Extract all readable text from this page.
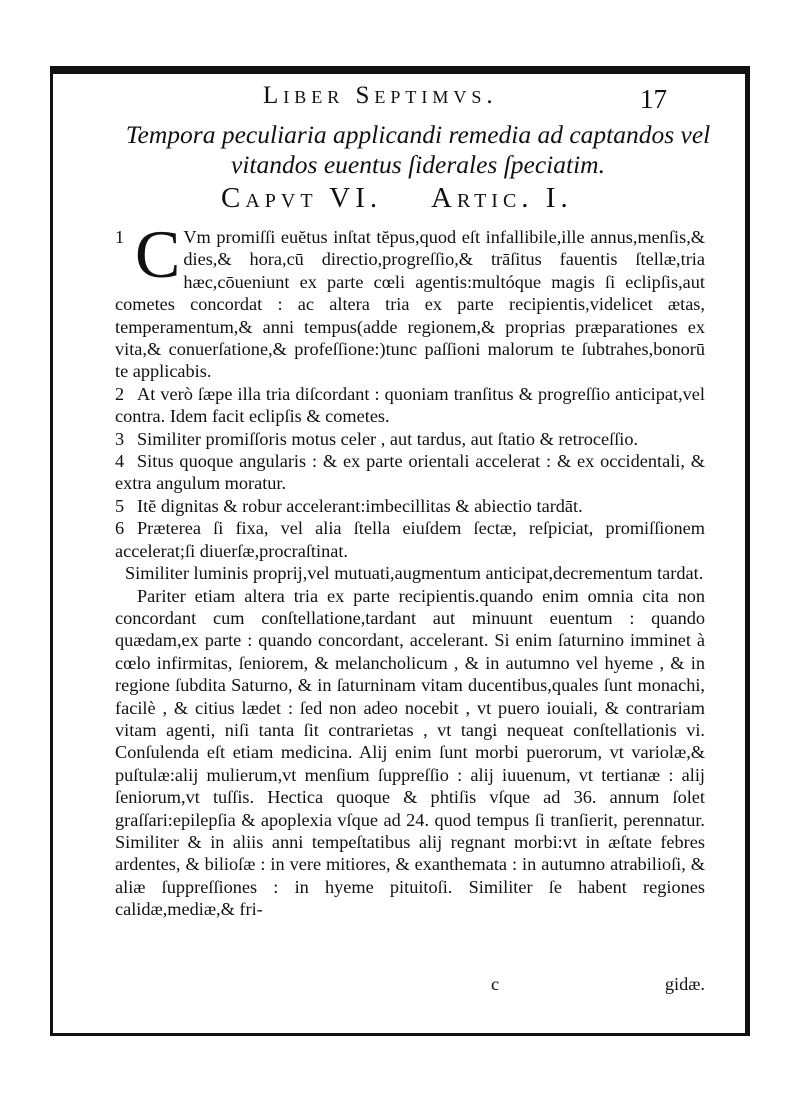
Liber Septimvs.	17
Tempora peculiaria applicandi remedia ad captandos vel vitandos euentus ſiderales ſpeciatim.
Capvt VI. Artic. I.

1 C Vm promiſſi euĕtus inſtat tĕpus,quod eſt infallibile,ille annus,menſis,& dies,& hora,cū directio,progreſſio,& trāſitus fauentis ſtellæ,tria hæc,cōueniunt ex parte cœli agentis:multóque magis ſi eclipſis,aut cometes concordat : ac altera tria ex parte recipientis,videlicet ætas, temperamentum,& anni tempus(adde regionem,& proprias præparationes ex vita,& conuerſatione,& profeſſione:)tunc paſſioni malorum te ſubtrahes,bonorū te applicabis.

2 At verò ſæpe illa tria diſcordant : quoniam tranſitus & progreſſio anticipat,vel contra. Idem facit eclipſis & cometes.

3 Similiter promiſſoris motus celer , aut tardus, aut ſtatio & retroceſſio.

4 Situs quoque angularis : & ex parte orientali accelerat : & ex occidentali, & extra angulum moratur.

5 Itĕ dignitas & robur accelerant:imbecillitas & abiectio tardāt.

6 Præterea ſi fixa, vel alia ſtella eiuſdem ſectæ, reſpiciat, promiſſionem accelerat;ſi diuerſæ,procraſtinat.

Similiter luminis proprij,vel mutuati,augmentum anticipat,decrementum tardat.

Pariter etiam altera tria ex parte recipientis.quando enim omnia cita non concordant cum conſtellatione,tardant aut minuunt euentum : quando quædam,ex parte : quando concordant, accelerant. Si enim ſaturnino imminet à cœlo infirmitas, ſeniorem, & melancholicum , & in autumno vel hyeme , & in regione ſubdita Saturno, & in ſaturninam vitam ducentibus,quales ſunt monachi, facilè , & citius lædet : ſed non adeo nocebit , vt puero iouiali, & contrariam vitam agenti, niſi tanta ſit contrarietas , vt tangi nequeat conſtellationis vi. Conſulenda eſt etiam medicina. Alij enim ſunt morbi puerorum, vt variolæ,& puſtulæ:alij mulierum,vt menſium ſuppreſſio : alij iuuenum, vt tertianæ : alij ſeniorum,vt tuſſis. Hectica quoque & phtiſis vſque ad 36. annum ſolet graſſari:epilepſia & apoplexia vſque ad 24. quod tempus ſi tranſierit, perennatur. Similiter & in aliis anni tempeſtatibus alij regnant morbi:vt in æſtate febres ardentes, & bilioſæ : in vere mitiores, & exanthemata : in autumno atrabilioſi, & aliæ ſuppreſſiones : in hyeme pituitoſi. Similiter ſe habent regiones calidæ,mediæ,& fri-

c	gidæ.
